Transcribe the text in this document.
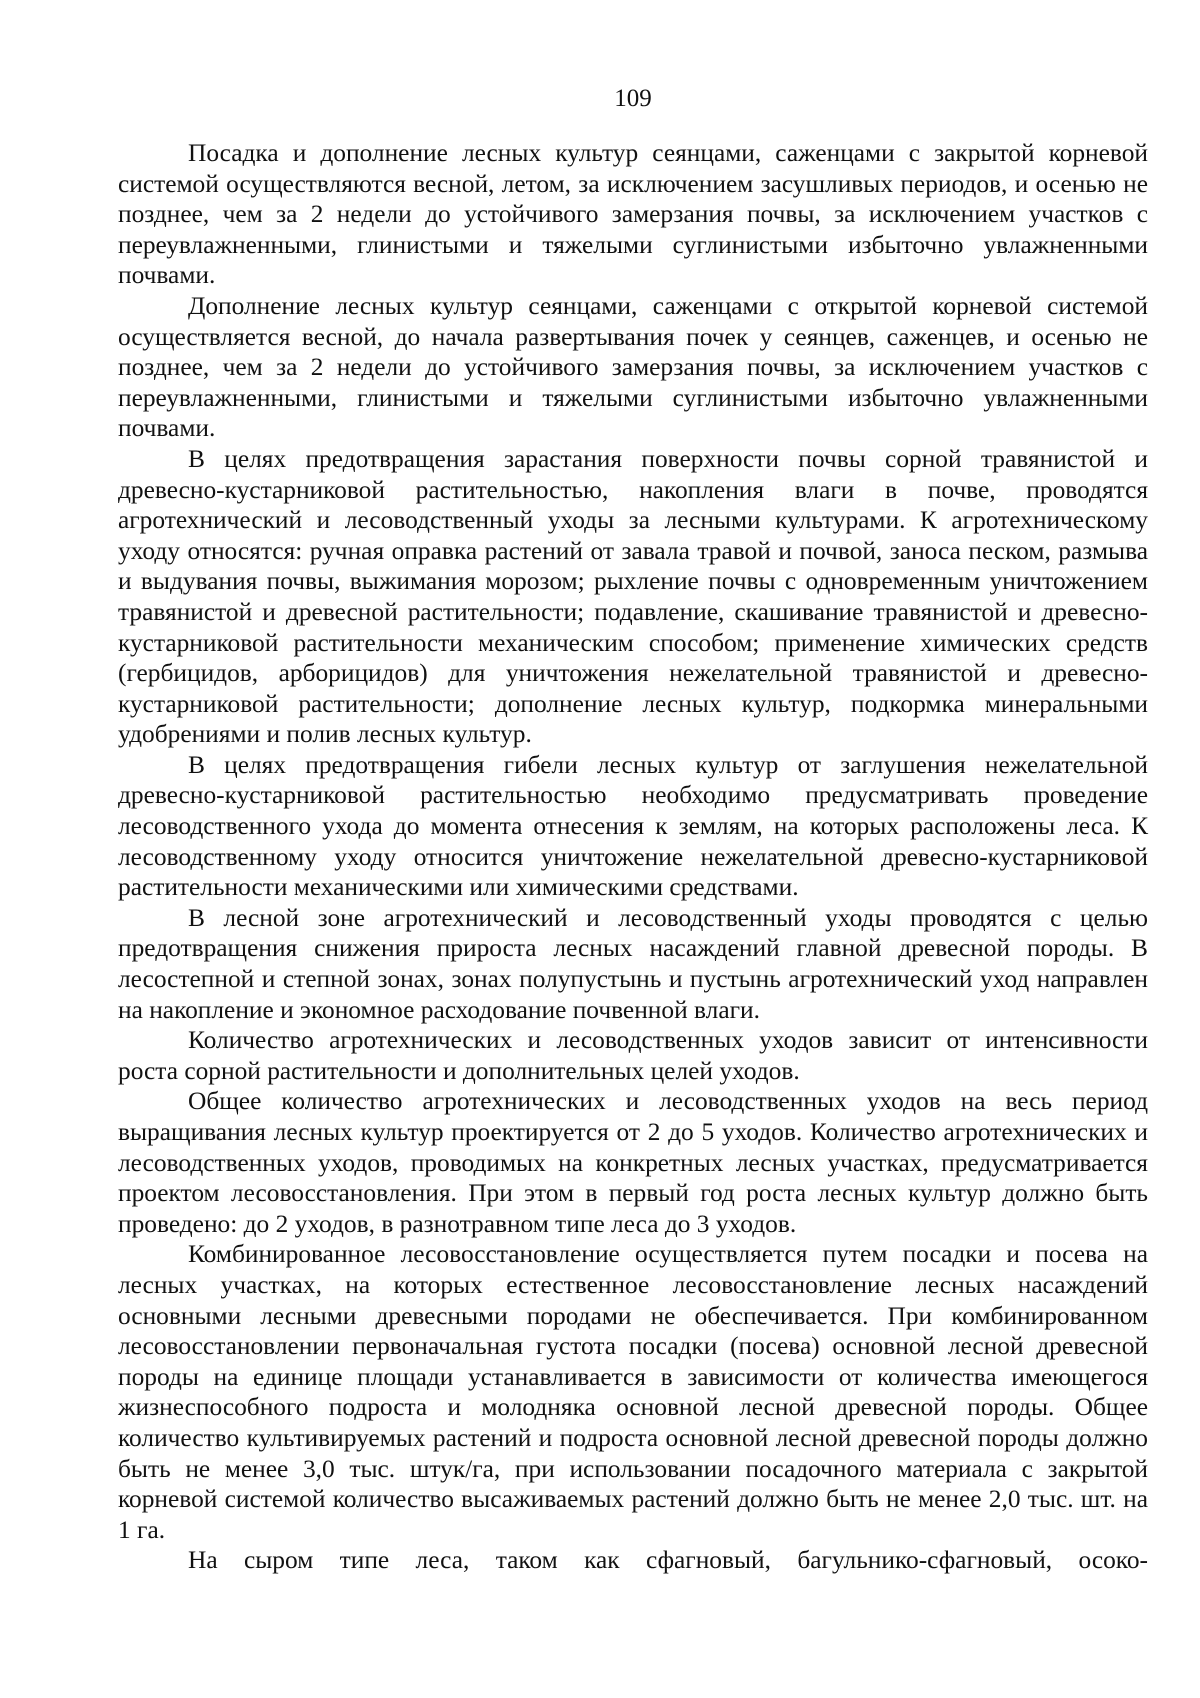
109

Посадка и дополнение лесных культур сеянцами, саженцами с закрытой корневой системой осуществляются весной, летом, за исключением засушливых периодов, и осенью не позднее, чем за 2 недели до устойчивого замерзания почвы, за исключением участков с переувлажненными, глинистыми и тяжелыми суглинистыми избыточно увлажненными почвами.

Дополнение лесных культур сеянцами, саженцами с открытой корневой системой осуществляется весной, до начала развертывания почек у сеянцев, саженцев, и осенью не позднее, чем за 2 недели до устойчивого замерзания почвы, за исключением участков с переувлажненными, глинистыми и тяжелыми суглинистыми избыточно увлажненными почвами.

В целях предотвращения зарастания поверхности почвы сорной травянистой и древесно-кустарниковой растительностью, накопления влаги в почве, проводятся агротехнический и лесоводственный уходы за лесными культурами. К агротехническому уходу относятся: ручная оправка растений от завала травой и почвой, заноса песком, размыва и выдувания почвы, выжимания морозом; рыхление почвы с одновременным уничтожением травянистой и древесной растительности; подавление, скашивание травянистой и древесно-кустарниковой растительности механическим способом; применение химических средств (гербицидов, арборицидов) для уничтожения нежелательной травянистой и древесно-кустарниковой растительности; дополнение лесных культур, подкормка минеральными удобрениями и полив лесных культур.

В целях предотвращения гибели лесных культур от заглушения нежелательной древесно-кустарниковой растительностью необходимо предусматривать проведение лесоводственного ухода до момента отнесения к землям, на которых расположены леса. К лесоводственному уходу относится уничтожение нежелательной древесно-кустарниковой растительности механическими или химическими средствами.

В лесной зоне агротехнический и лесоводственный уходы проводятся с целью предотвращения снижения прироста лесных насаждений главной древесной породы. В лесостепной и степной зонах, зонах полупустынь и пустынь агротехнический уход направлен на накопление и экономное расходование почвенной влаги.

Количество агротехнических и лесоводственных уходов зависит от интенсивности роста сорной растительности и дополнительных целей уходов.

Общее количество агротехнических и лесоводственных уходов на весь период выращивания лесных культур проектируется от 2 до 5 уходов. Количество агротехнических и лесоводственных уходов, проводимых на конкретных лесных участках, предусматривается проектом лесовосстановления. При этом в первый год роста лесных культур должно быть проведено: до 2 уходов, в разнотравном типе леса до 3 уходов.

Комбинированное лесовосстановление осуществляется путем посадки и посева на лесных участках, на которых естественное лесовосстановление лесных насаждений основными лесными древесными породами не обеспечивается. При комбинированном лесовосстановлении первоначальная густота посадки (посева) основной лесной древесной породы на единице площади устанавливается в зависимости от количества имеющегося жизнеспособного подроста и молодняка основной лесной древесной породы. Общее количество культивируемых растений и подроста основной лесной древесной породы должно быть не менее 3,0 тыс. штук/га, при использовании посадочного материала с закрытой корневой системой количество высаживаемых растений должно быть не менее 2,0 тыс. шт. на 1 га.

На сыром типе леса, таком как сфагновый, багульнико-сфагновый, осоко-
